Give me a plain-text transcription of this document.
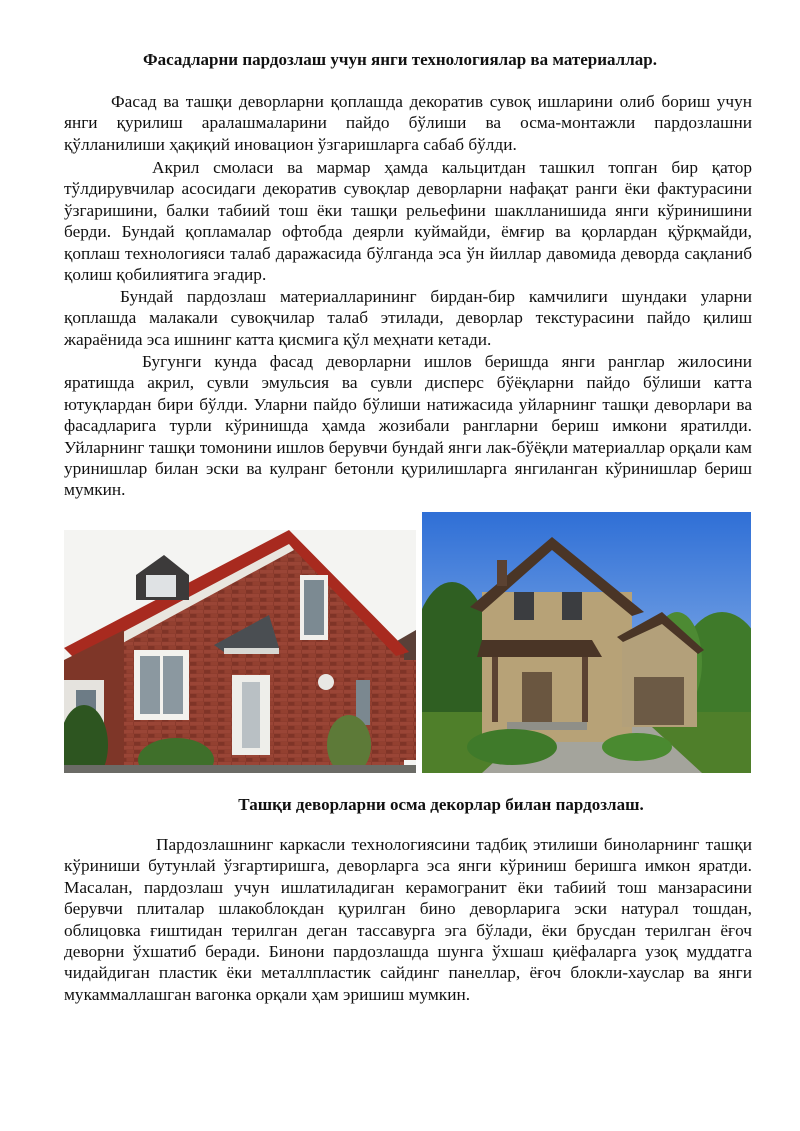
Фасадларни пардозлаш учун янги технологиялар ва материаллар.

Фасад ва ташқи деворларни қоплашда декоратив сувоқ ишларини олиб бориш учун янги қурилиш аралашмаларини пайдо бўлиши ва осма-монтажли пардозлашни қўлланилиши ҳақиқий иновацион ўзгаришларга сабаб бўлди.

Акрил смоласи ва мармар ҳамда кальцитдан ташкил топган бир қатор тўлдирувчилар асосидаги декоратив сувоқлар деворларни нафақат ранги ёки фактурасини ўзгаришини, балки табиий тош ёки ташқи рельефини шаклланишида янги кўринишини берди. Бундай қопламалар офтобда деярли куймайди, ёмғир ва қорлардан қўрқмайди, қоплаш технологияси талаб даражасида бўлганда эса ўн йиллар давомида деворда сақланиб қолиш қобилиятига эгадир.

Бундай пардозлаш материалларининг бирдан-бир камчилиги шундаки уларни қоплашда малакали сувоқчилар талаб этилади, деворлар текстурасини пайдо қилиш жараёнида эса ишнинг катта қисмига қўл меҳнати кетади.

Бугунги кунда фасад деворларни ишлов беришда янги ранглар жилосини яратишда акрил, сувли эмульсия ва сувли дисперс бўёқларни пайдо бўлиши катта ютуқлардан бири бўлди. Уларни пайдо бўлиши натижасида уйларнинг ташқи деворлари ва фасадларига турли кўринишда ҳамда жозибали рангларни бериш имкони яратилди. Уйларнинг ташқи томонини ишлов берувчи бундай янги лак-бўёқли материаллар орқали кам уринишлар билан эски ва кулранг бетонли қурилишларга янгиланган кўринишлар бериш мумкин.

Ташқи деворларни осма декорлар билан пардозлаш.

Пардозлашнинг каркасли технологиясини тадбиқ этилиши биноларнинг ташқи кўриниши бутунлай ўзгартиришга, деворларга эса янги кўриниш беришга имкон яратди. Масалан, пардозлаш учун ишлатиладиган керамогранит ёки табиий тош манзарасини берувчи плиталар шлакоблокдан қурилган бино деворларига эски натурал тошдан, облицовка ғиштидан терилган деган тассавурга эга бўлади, ёки брусдан терилган ёғоч деворни ўхшатиб беради. Бинони пардозлашда шунга ўхшаш қиёфаларга узоқ муддатга чидайдиган пластик ёки металлпластик сайдинг панеллар, ёғоч блокли-хауслар ва янги мукаммаллашган вагонка орқали ҳам эришиш мумкин.
